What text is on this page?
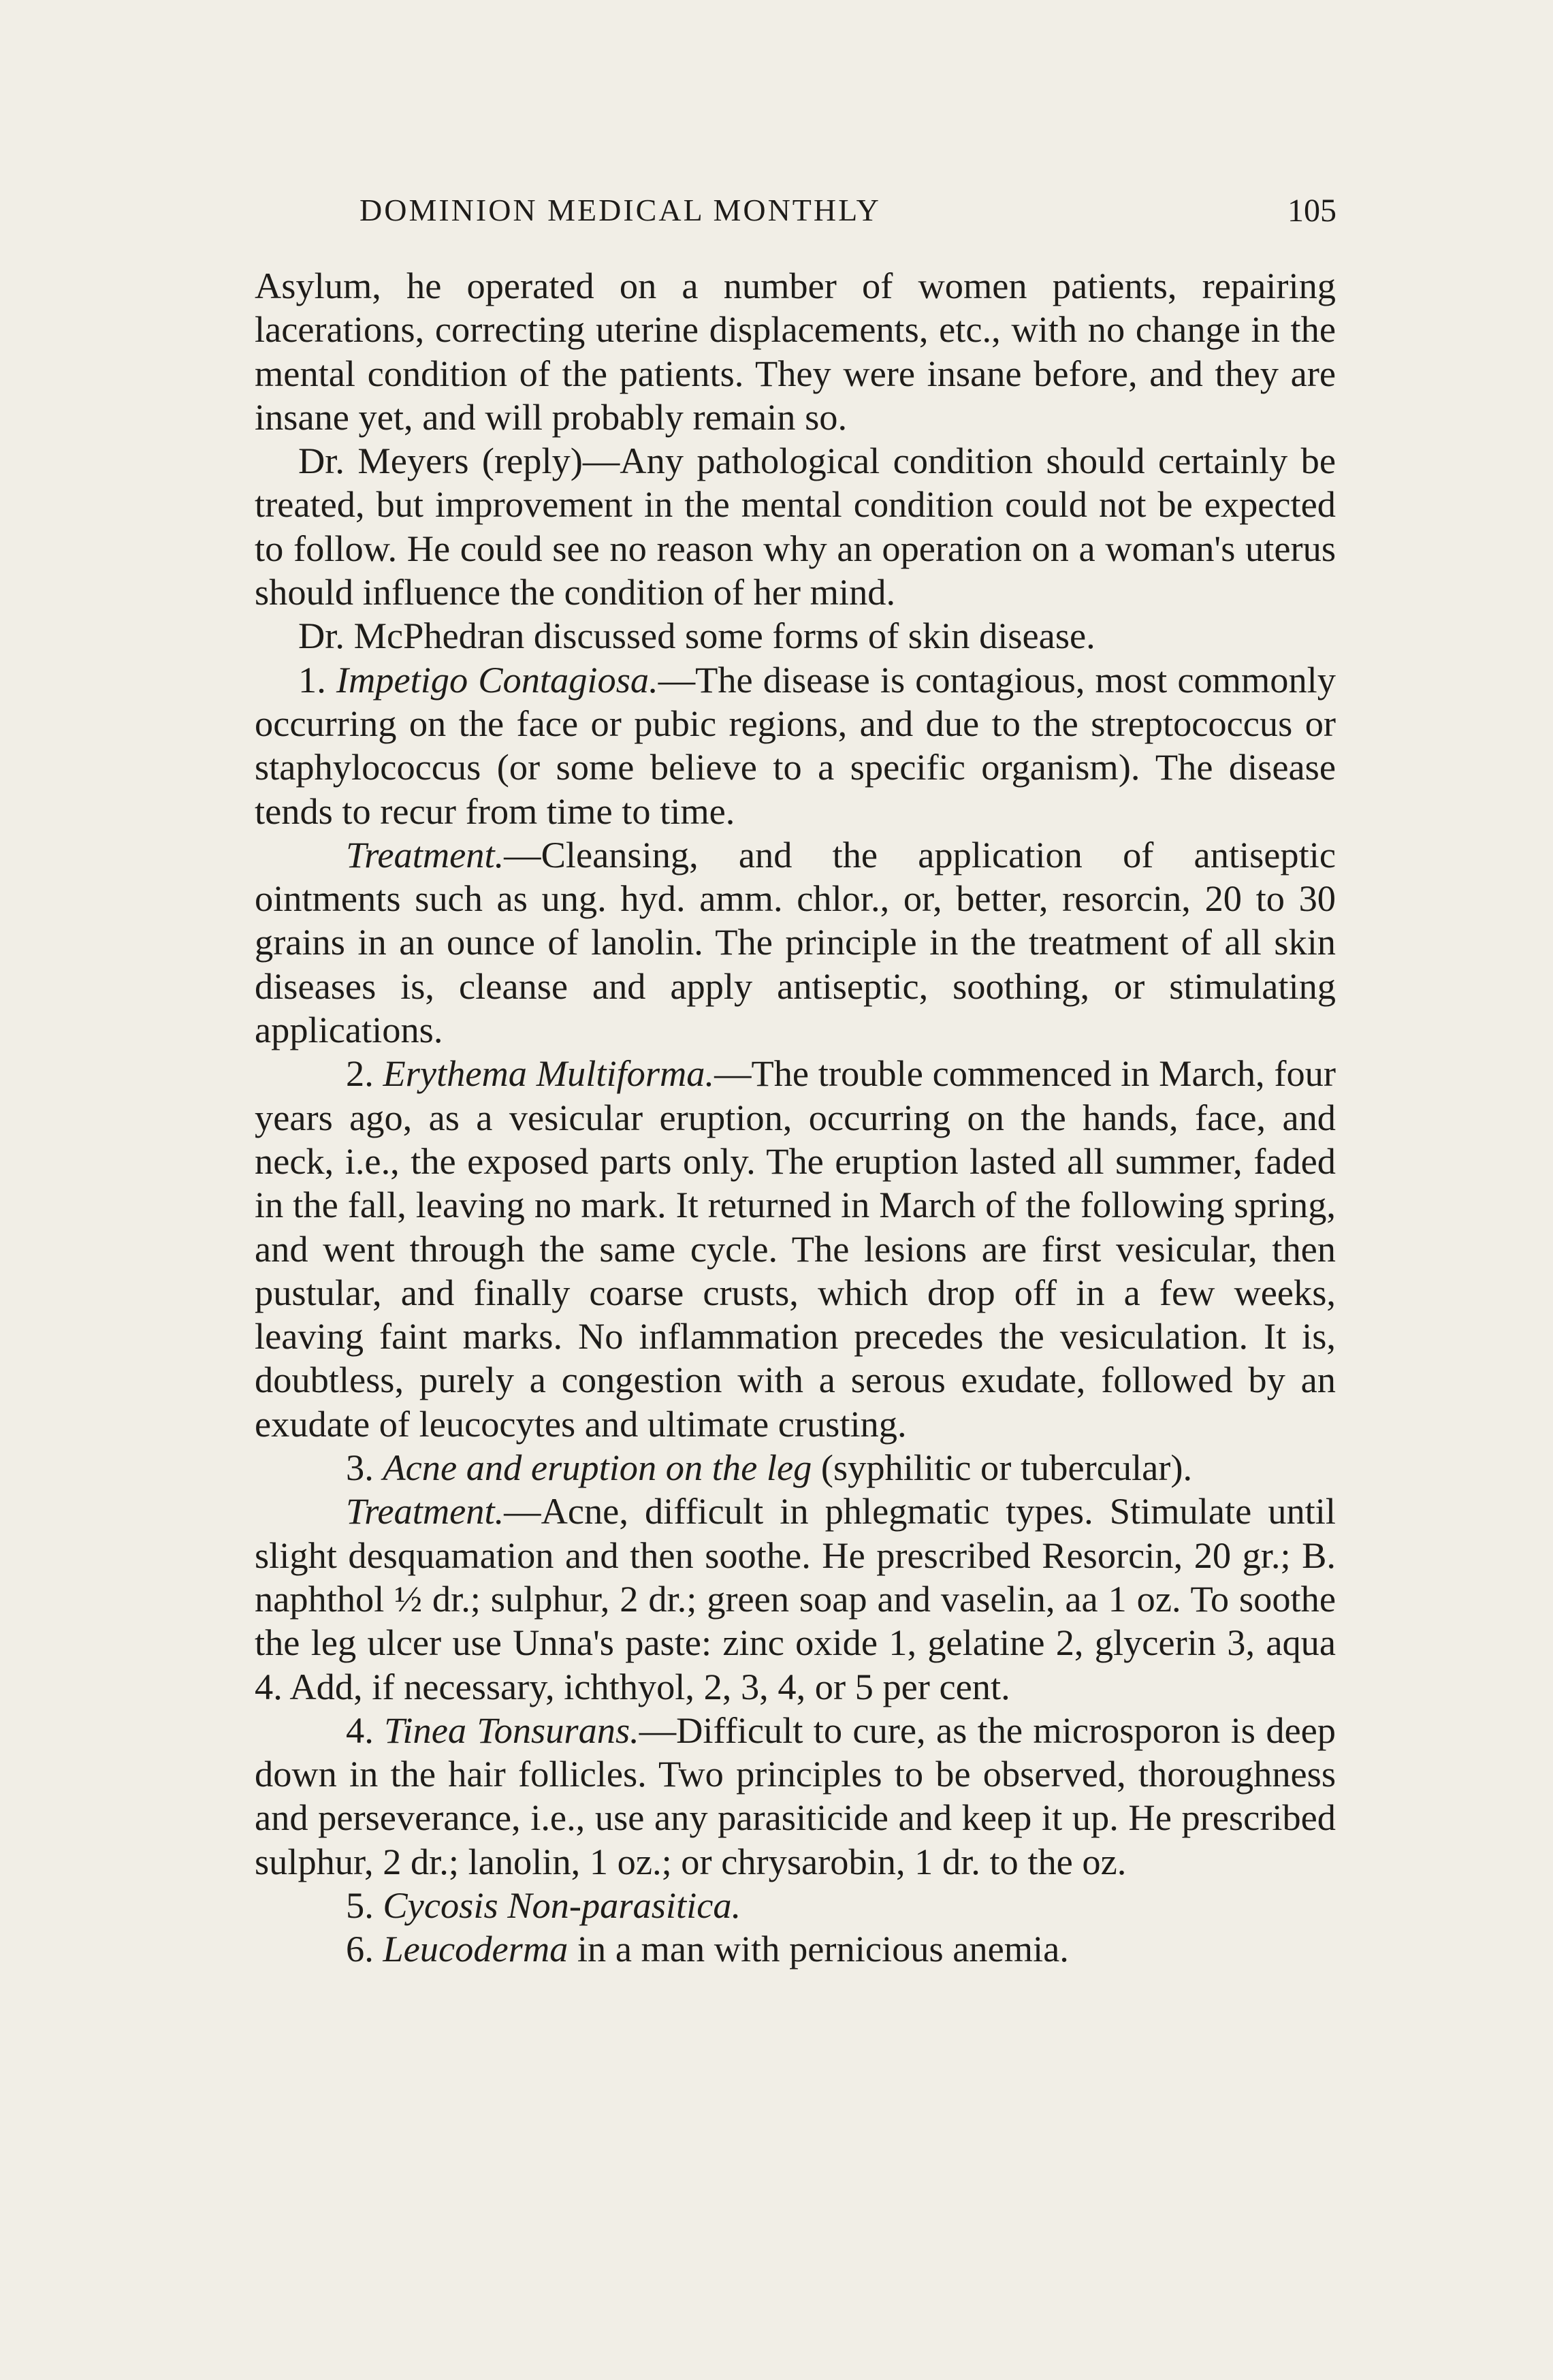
DOMINION MEDICAL MONTHLY	105

Asylum, he operated on a number of women patients, repairing lacerations, correcting uterine displacements, etc., with no change in the mental condition of the patients. They were insane before, and they are insane yet, and will probably remain so.

Dr. Meyers (reply)—Any pathological condition should certainly be treated, but improvement in the mental condition could not be expected to follow. He could see no reason why an operation on a woman's uterus should influence the condition of her mind.

Dr. McPhedran discussed some forms of skin disease.

1. Impetigo Contagiosa.—The disease is contagious, most commonly occurring on the face or pubic regions, and due to the streptococcus or staphylococcus (or some believe to a specific organism). The disease tends to recur from time to time.

Treatment.—Cleansing, and the application of antiseptic ointments such as ung. hyd. amm. chlor., or, better, resorcin, 20 to 30 grains in an ounce of lanolin. The principle in the treatment of all skin diseases is, cleanse and apply antiseptic, soothing, or stimulating applications.

2. Erythema Multiforma.—The trouble commenced in March, four years ago, as a vesicular eruption, occurring on the hands, face, and neck, i.e., the exposed parts only. The eruption lasted all summer, faded in the fall, leaving no mark. It returned in March of the following spring, and went through the same cycle. The lesions are first vesicular, then pustular, and finally coarse crusts, which drop off in a few weeks, leaving faint marks. No inflammation precedes the vesiculation. It is, doubtless, purely a congestion with a serous exudate, followed by an exudate of leucocytes and ultimate crusting.

3. Acne and eruption on the leg (syphilitic or tubercular).

Treatment.—Acne, difficult in phlegmatic types. Stimulate until slight desquamation and then soothe. He prescribed Resorcin, 20 gr.; B. naphthol ½ dr.; sulphur, 2 dr.; green soap and vaselin, aa 1 oz. To soothe the leg ulcer use Unna's paste: zinc oxide 1, gelatine 2, glycerin 3, aqua 4. Add, if necessary, ichthyol, 2, 3, 4, or 5 per cent.

4. Tinea Tonsurans.—Difficult to cure, as the microsporon is deep down in the hair follicles. Two principles to be observed, thoroughness and perseverance, i.e., use any parasiticide and keep it up. He prescribed sulphur, 2 dr.; lanolin, 1 oz.; or chrysarobin, 1 dr. to the oz.

5. Cycosis Non-parasitica.

6. Leucoderma in a man with pernicious anemia.
